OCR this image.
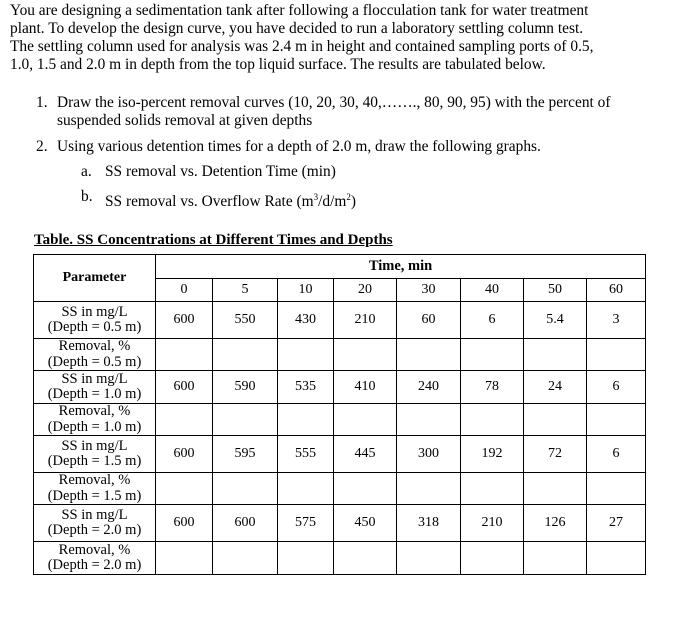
You are designing a sedimentation tank after following a flocculation tank for water treatment
plant. To develop the design curve, you have decided to run a laboratory settling column test.
The settling column used for analysis was 2.4 m in height and contained sampling ports of 0.5,
1.0, 1.5 and 2.0 m in depth from the top liquid surface. The results are tabulated below.
1. Draw the iso-percent removal curves (10, 20, 30, 40,……., 80, 90, 95) with the percent of
suspended solids removal at given depths
2. Using various detention times for a depth of 2.0 m, draw the following graphs.
a. SS removal vs. Detention Time (min)
b. SS removal vs. Overflow Rate $(m^3/d/m^2)$
Table. SS Concentrations at Different Times and Depths
Parameter	Time, min							
	0	5	10	20	30	40	50	60

SS in mg/L
(Depth = 0.5 m)	600	550	430	210	60	6	5.4	3

Removal, %
(Depth = 0.5 m)								

SS in mg/L
(Depth = 1.0 m)	600	590	535	410	240	78	24	6

Removal, %
(Depth = 1.0 m)								

SS in mg/L
(Depth = 1.5 m)	600	595	555	445	300	192	72	6

Removal, %
(Depth = 1.5 m)								

SS in mg/L
(Depth = 2.0 m)	600	600	575	450	318	210	126	27

Removal, %
(Depth = 2.0 m)								
